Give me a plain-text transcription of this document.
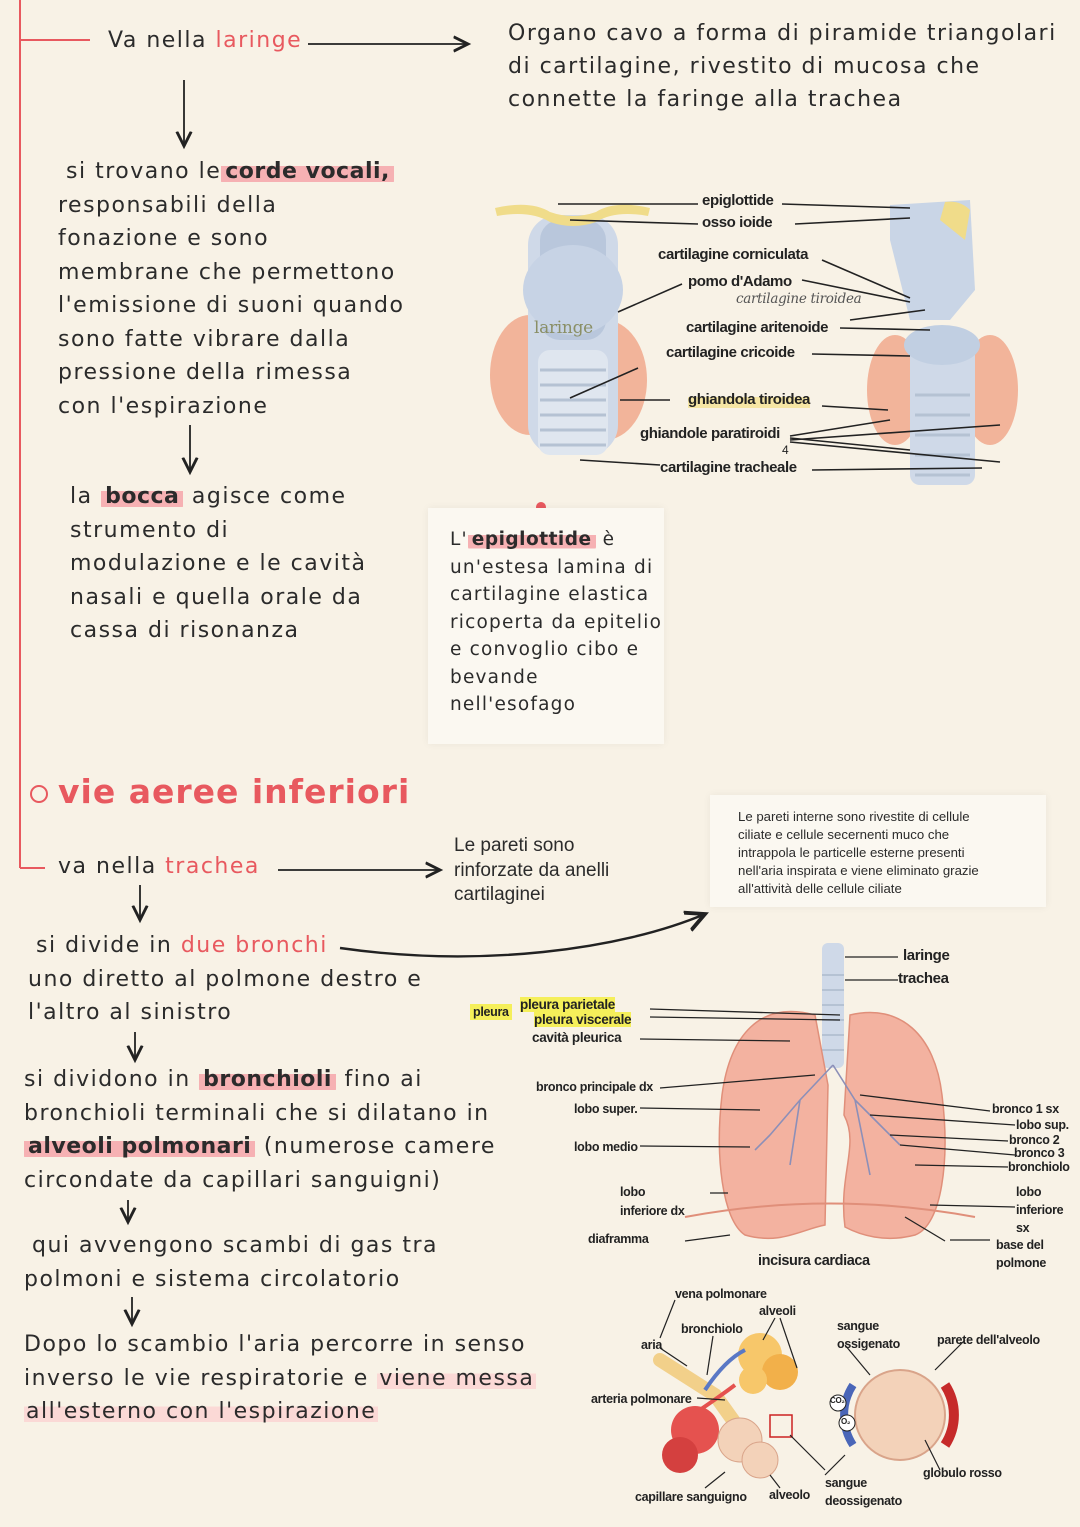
Va nella laringe	Organo cavo a forma di piramide triangolari
di cartilagine, rivestito di mucosa che
connette la faringe alla trachea
si trovano le corde vocali,
responsabili della
fonazione e sono
membrane che permettono
l'emissione di suoni quando
sono fatte vibrare dalla
pressione della rimessa
con l'espirazione
la bocca agisce come
strumento di
modulazione e le cavità
nasali e quella orale da
cassa di risonanza
L' epiglottide è
un'estesa lamina di
cartilagine elastica
ricoperta da epitelio
e convoglio cibo e
bevande
nell'esofago
laringe
epiglottide
osso ioide
cartilagine corniculata
pomo d'Adamo
cartilagine tiroidea
cartilagine aritenoide
cartilagine cricoide
ghiandola tiroidea
ghiandole paratiroidi
4
cartilagine tracheale
vie aeree inferiori
va nella trachea
Le pareti sono
rinforzate da anelli
cartilaginei
Le pareti interne sono rivestite di cellule
ciliate e cellule secernenti muco che
intrappola le particelle esterne presenti
nell'aria inspirata e viene eliminato grazie
all'attività delle cellule ciliate
si divide in due bronchi
uno diretto al polmone destro e
l'altro al sinistro
si dividono in bronchioli fino ai
bronchioli terminali che si dilatano in
alveoli polmonari (numerose camere
circondate da capillari sanguigni)
qui avvengono scambi di gas tra
polmoni e sistema circolatorio
Dopo lo scambio l'aria percorre in senso
inverso le vie respiratorie e viene messa
all'esterno con l'espirazione
laringe
trachea
pleura pleura parietale
pleura viscerale
cavità pleurica
bronco principale dx
lobo super.
lobo medio
lobo
inferiore dx
diaframma
incisura cardiaca
bronco 1 sx
lobo sup.
bronco 2
bronco 3
bronchiolo
lobo
inferiore
sx
base del
polmone
vena polmonare
alveoli
bronchiolo
aria
arteria polmonare
capillare sanguigno alveolo
sangue
ossigenato	parete dell'alveolo
CO₂
O₂
sangue
deossigenato
globulo rosso
